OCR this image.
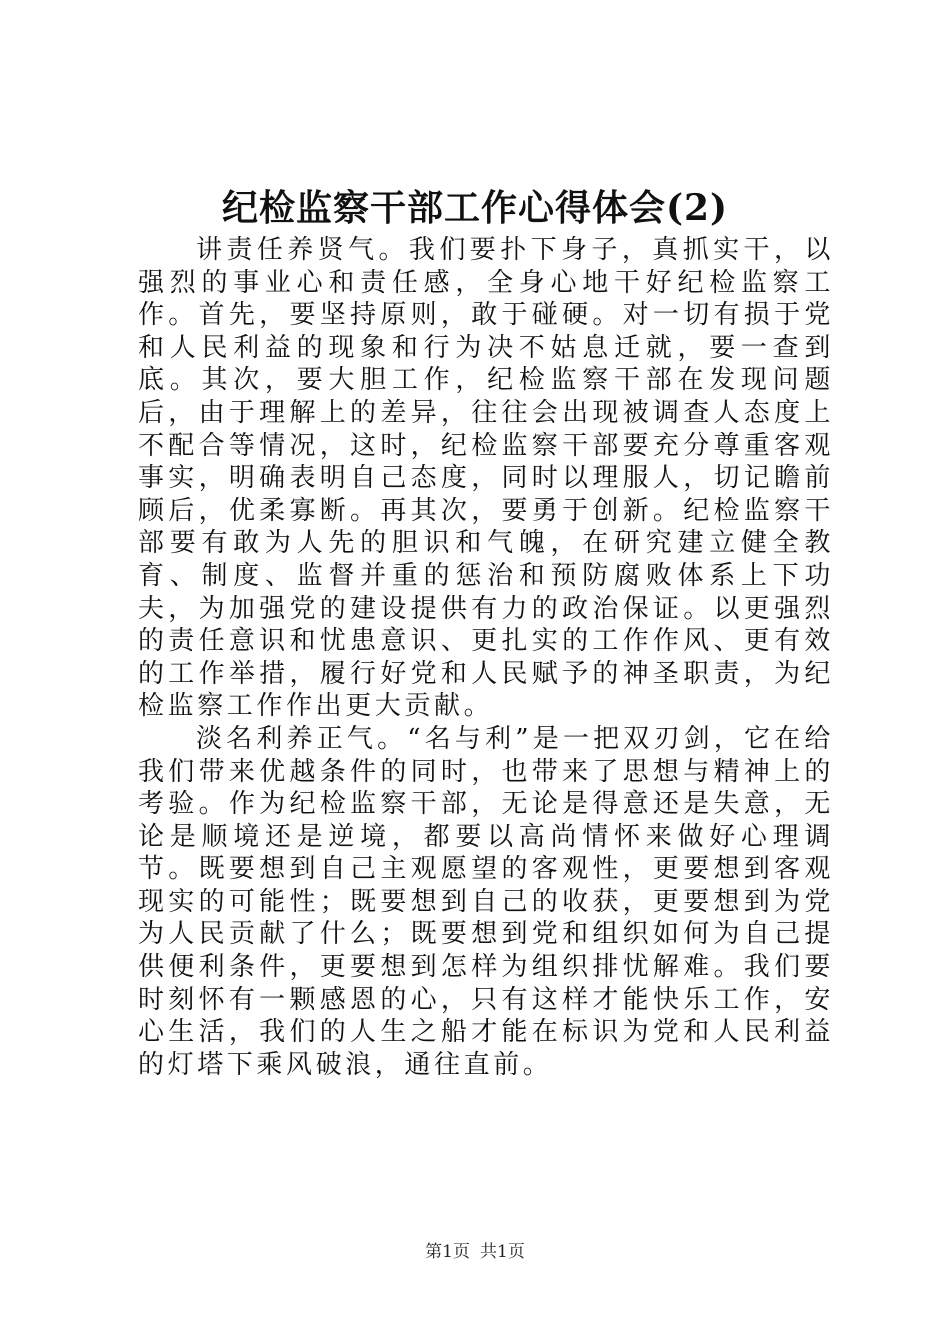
纪检监察干部工作心得体会(2)

讲责任养贤气。我们要扑下身子，真抓实干，以强烈的事业心和责任感，全身心地干好纪检监察工作。首先，要坚持原则，敢于碰硬。对一切有损于党和人民利益的现象和行为决不姑息迁就，要一查到底。其次，要大胆工作，纪检监察干部在发现问题后，由于理解上的差异，往往会出现被调查人态度上不配合等情况，这时，纪检监察干部要充分尊重客观事实，明确表明自己态度，同时以理服人，切记瞻前顾后，优柔寡断。再其次，要勇于创新。纪检监察干部要有敢为人先的胆识和气魄，在研究建立健全教育、制度、监督并重的惩治和预防腐败体系上下功夫，为加强党的建设提供有力的政治保证。以更强烈的责任意识和忧患意识、更扎实的工作作风、更有效的工作举措，履行好党和人民赋予的神圣职责，为纪检监察工作作出更大贡献。

淡名利养正气。“名与利”是一把双刃剑，它在给我们带来优越条件的同时，也带来了思想与精神上的考验。作为纪检监察干部，无论是得意还是失意，无论是顺境还是逆境，都要以高尚情怀来做好心理调节。既要想到自己主观愿望的客观性，更要想到客观现实的可能性；既要想到自己的收获，更要想到为党为人民贡献了什么；既要想到党和组织如何为自己提供便利条件，更要想到怎样为组织排忧解难。我们要时刻怀有一颗感恩的心，只有这样才能快乐工作，安心生活，我们的人生之船才能在标识为党和人民利益的灯塔下乘风破浪，通往直前。

第1页 共1页
